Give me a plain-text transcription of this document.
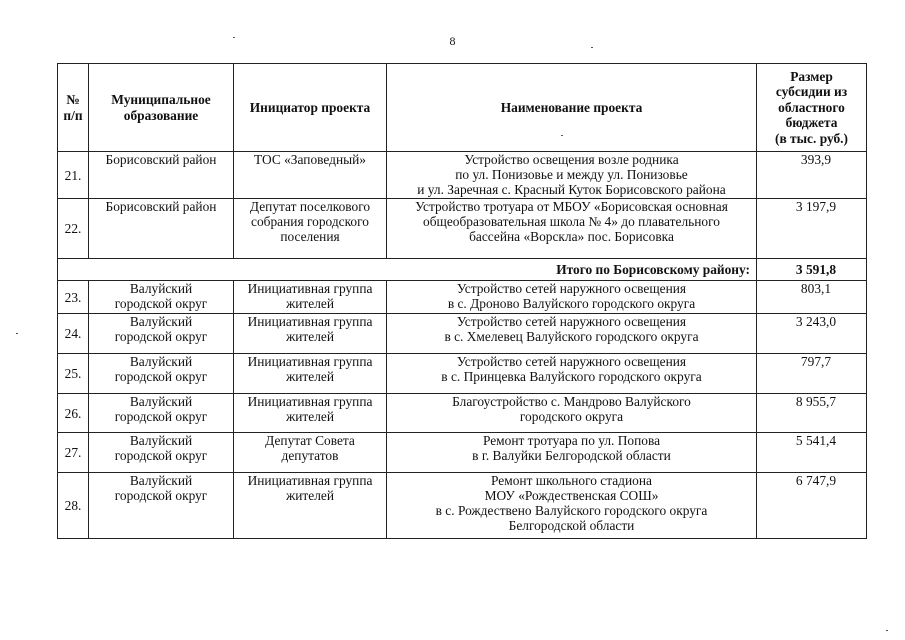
8
№
п/п	Муниципальное
образование	Инициатор проекта	Наименование проекта	Размер
субсидии из
областного
бюджета
(в тыс. руб.)
21.	Борисовский район	ТОС «Заповедный»	Устройство освещения возле родника
по ул. Понизовье и между ул. Понизовье
и ул. Заречная с. Красный Куток Борисовского района	393,9
22.	Борисовский район	Депутат поселкового
собрания городского
поселения	Устройство тротуара от МБОУ «Борисовская основная
общеобразовательная школа № 4» до плавательного
бассейна «Ворскла» пос. Борисовка	3 197,9
Итого по Борисовскому району:				3 591,8
23.	Валуйский
городской округ	Инициативная группа
жителей	Устройство сетей наружного освещения
в с. Дроново Валуйского городского округа	803,1
24.	Валуйский
городской округ	Инициативная группа
жителей	Устройство сетей наружного освещения
в с. Хмелевец Валуйского городского округа	3 243,0
25.	Валуйский
городской округ	Инициативная группа
жителей	Устройство сетей наружного освещения
в с. Принцевка Валуйского городского округа	797,7
26.	Валуйский
городской округ	Инициативная группа
жителей	Благоустройство с. Мандрово Валуйского
городского округа	8 955,7
27.	Валуйский
городской округ	Депутат Совета
депутатов	Ремонт тротуара по ул. Попова
в г. Валуйки Белгородской области	5 541,4
28.	Валуйский
городской округ	Инициативная группа
жителей	Ремонт школьного стадиона
МОУ «Рождественская СОШ»
в с. Рождествено Валуйского городского округа
Белгородской области	6 747,9
